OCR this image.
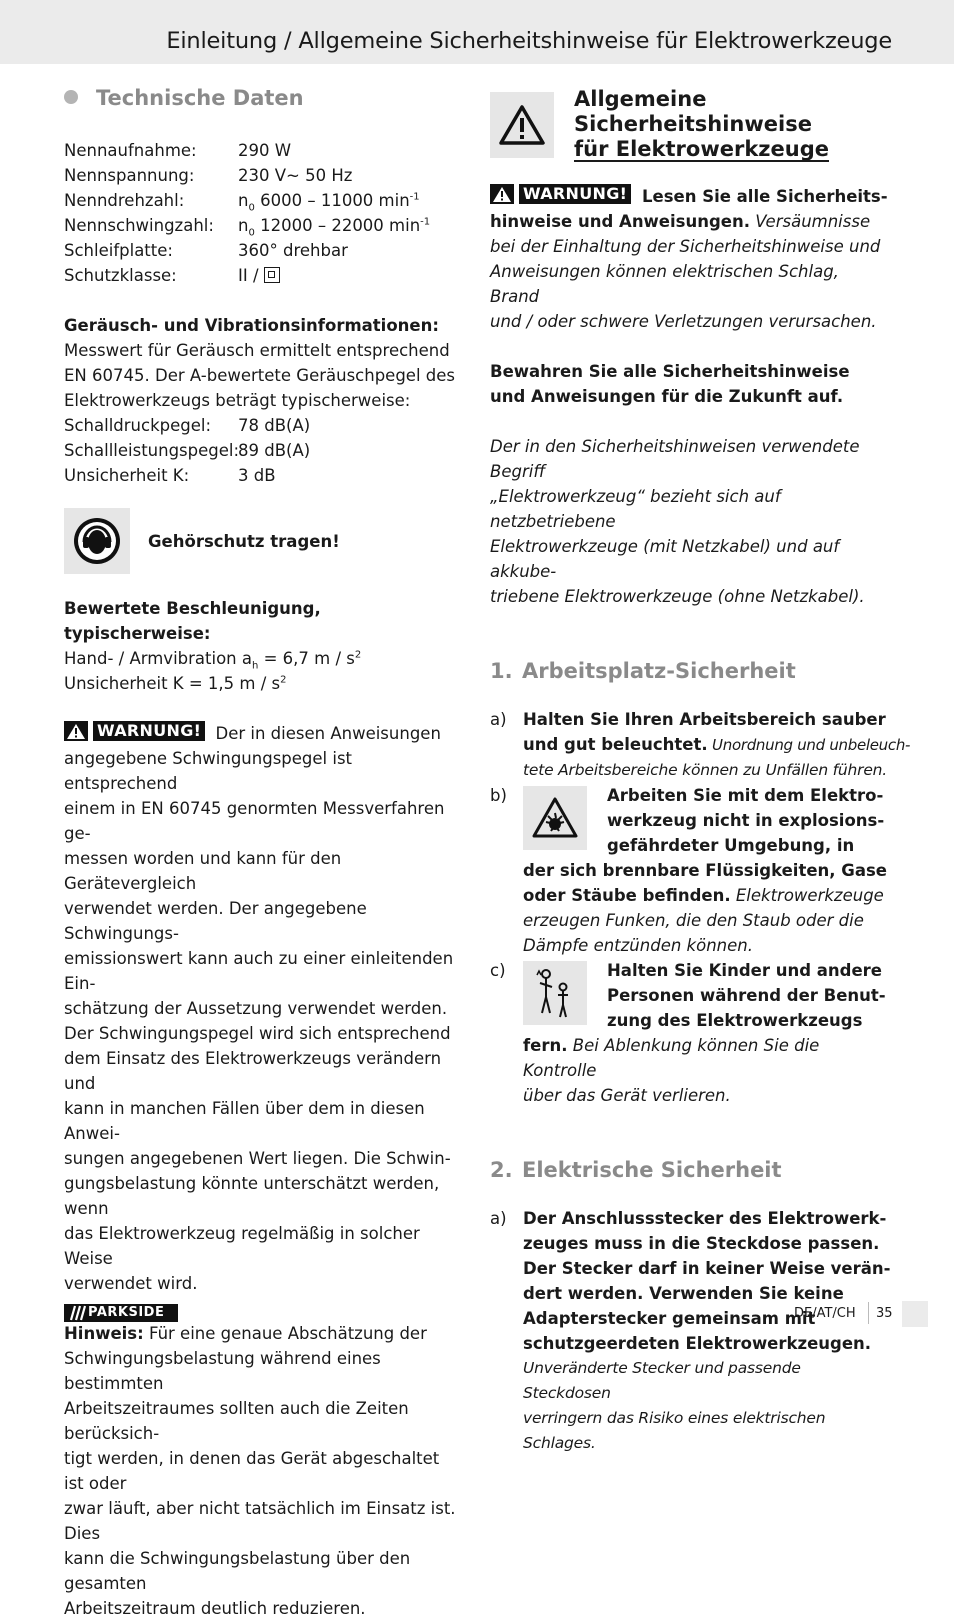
Einleitung / Allgemeine Sicherheitshinweise für Elektrowerkzeuge
Technische Daten
Nennaufnahme:	290 W
Nennspannung:	230 V~ 50 Hz
Nenndrehzahl:	$n_0$ 6000 – 11000 $\min^{-1}$
Nennschwingzahl:	$n_0$ 12000 – 22000 $\min^{-1}$
Schleifplatte:	360° drehbar
Schutzklasse:	II /
Geräusch- und Vibrationsinformationen:
Messwert für Geräusch ermittelt entsprechend
EN 60745. Der A-bewertete Geräuschpegel des
Elektrowerkzeugs beträgt typischerweise:
Schalldruckpegel:	78 dB(A)
Schallleistungspegel:
89 dB(A)
Unsicherheit K:	3 dB
Gehörschutz tragen!
Bewertete Beschleunigung, typischerweise:
Hand- / Armvibration $a_h = 6,7$ m / $s^2$
Unsicherheit K = 1,5 m / $s^2$
WARNUNG! Der in diesen Anweisungen
angegebene Schwingungspegel ist entsprechend
einem in EN 60745 genormten Messverfahren ge-
messen worden und kann für den Gerätevergleich
verwendet werden. Der angegebene Schwingungs-
emissionswert kann auch zu einer einleitenden Ein-
schätzung der Aussetzung verwendet werden.
Der Schwingungspegel wird sich entsprechend
dem Einsatz des Elektrowerkzeugs verändern und
kann in manchen Fällen über dem in diesen Anwei-
sungen angegebenen Wert liegen. Die Schwin-
gungsbelastung könnte unterschätzt werden, wenn
das Elektrowerkzeug regelmäßig in solcher Weise
verwendet wird.
Hinweis: Für eine genaue Abschätzung der
Schwingungsbelastung während eines bestimmten
Arbeitszeitraumes sollten auch die Zeiten berücksich-
tigt werden, in denen das Gerät abgeschaltet ist oder
zwar läuft, aber nicht tatsächlich im Einsatz ist. Dies
kann die Schwingungsbelastung über den gesamten
Arbeitszeitraum deutlich reduzieren.
Allgemeine
Sicherheitshinweise
für Elektrowerkzeuge
WARNUNG! Lesen Sie alle Sicherheits-
hinweise und Anweisungen. Versäumnisse
bei der Einhaltung der Sicherheitshinweise und
Anweisungen können elektrischen Schlag, Brand
und / oder schwere Verletzungen verursachen.
Bewahren Sie alle Sicherheitshinweise
und Anweisungen für die Zukunft auf.
Der in den Sicherheitshinweisen verwendete Begriff
„Elektrowerkzeug“ bezieht sich auf netzbetriebene
Elektrowerkzeuge (mit Netzkabel) und auf akkube-
triebene Elektrowerkzeuge (ohne Netzkabel).
1. Arbeitsplatz-Sicherheit
a) Halten Sie Ihren Arbeitsbereich sauber
und gut beleuchtet. Unordnung und unbeleuch-
tete Arbeitsbereiche können zu Unfällen führen.
b)	Arbeiten Sie mit dem Elektro-
werkzeug nicht in explosions-
gefährdeter Umgebung, in
der sich brennbare Flüssigkeiten, Gase
oder Stäube befinden. Elektrowerkzeuge
erzeugen Funken, die den Staub oder die
Dämpfe entzünden können.
c)	Halten Sie Kinder und andere
Personen während der Benut-
zung des Elektrowerkzeugs
fern. Bei Ablenkung können Sie die Kontrolle
über das Gerät verlieren.
2. Elektrische Sicherheit
a) Der Anschlussstecker des Elektrowerk-
zeuges muss in die Steckdose passen.
Der Stecker darf in keiner Weise verän-
dert werden. Verwenden Sie keine
Adapterstecker gemeinsam mit
schutzgeerdeten Elektrowerkzeugen.
Unveränderte Stecker und passende Steckdosen
verringern das Risiko eines elektrischen Schlages.
PARKSIDE	DE/AT/CH 35
